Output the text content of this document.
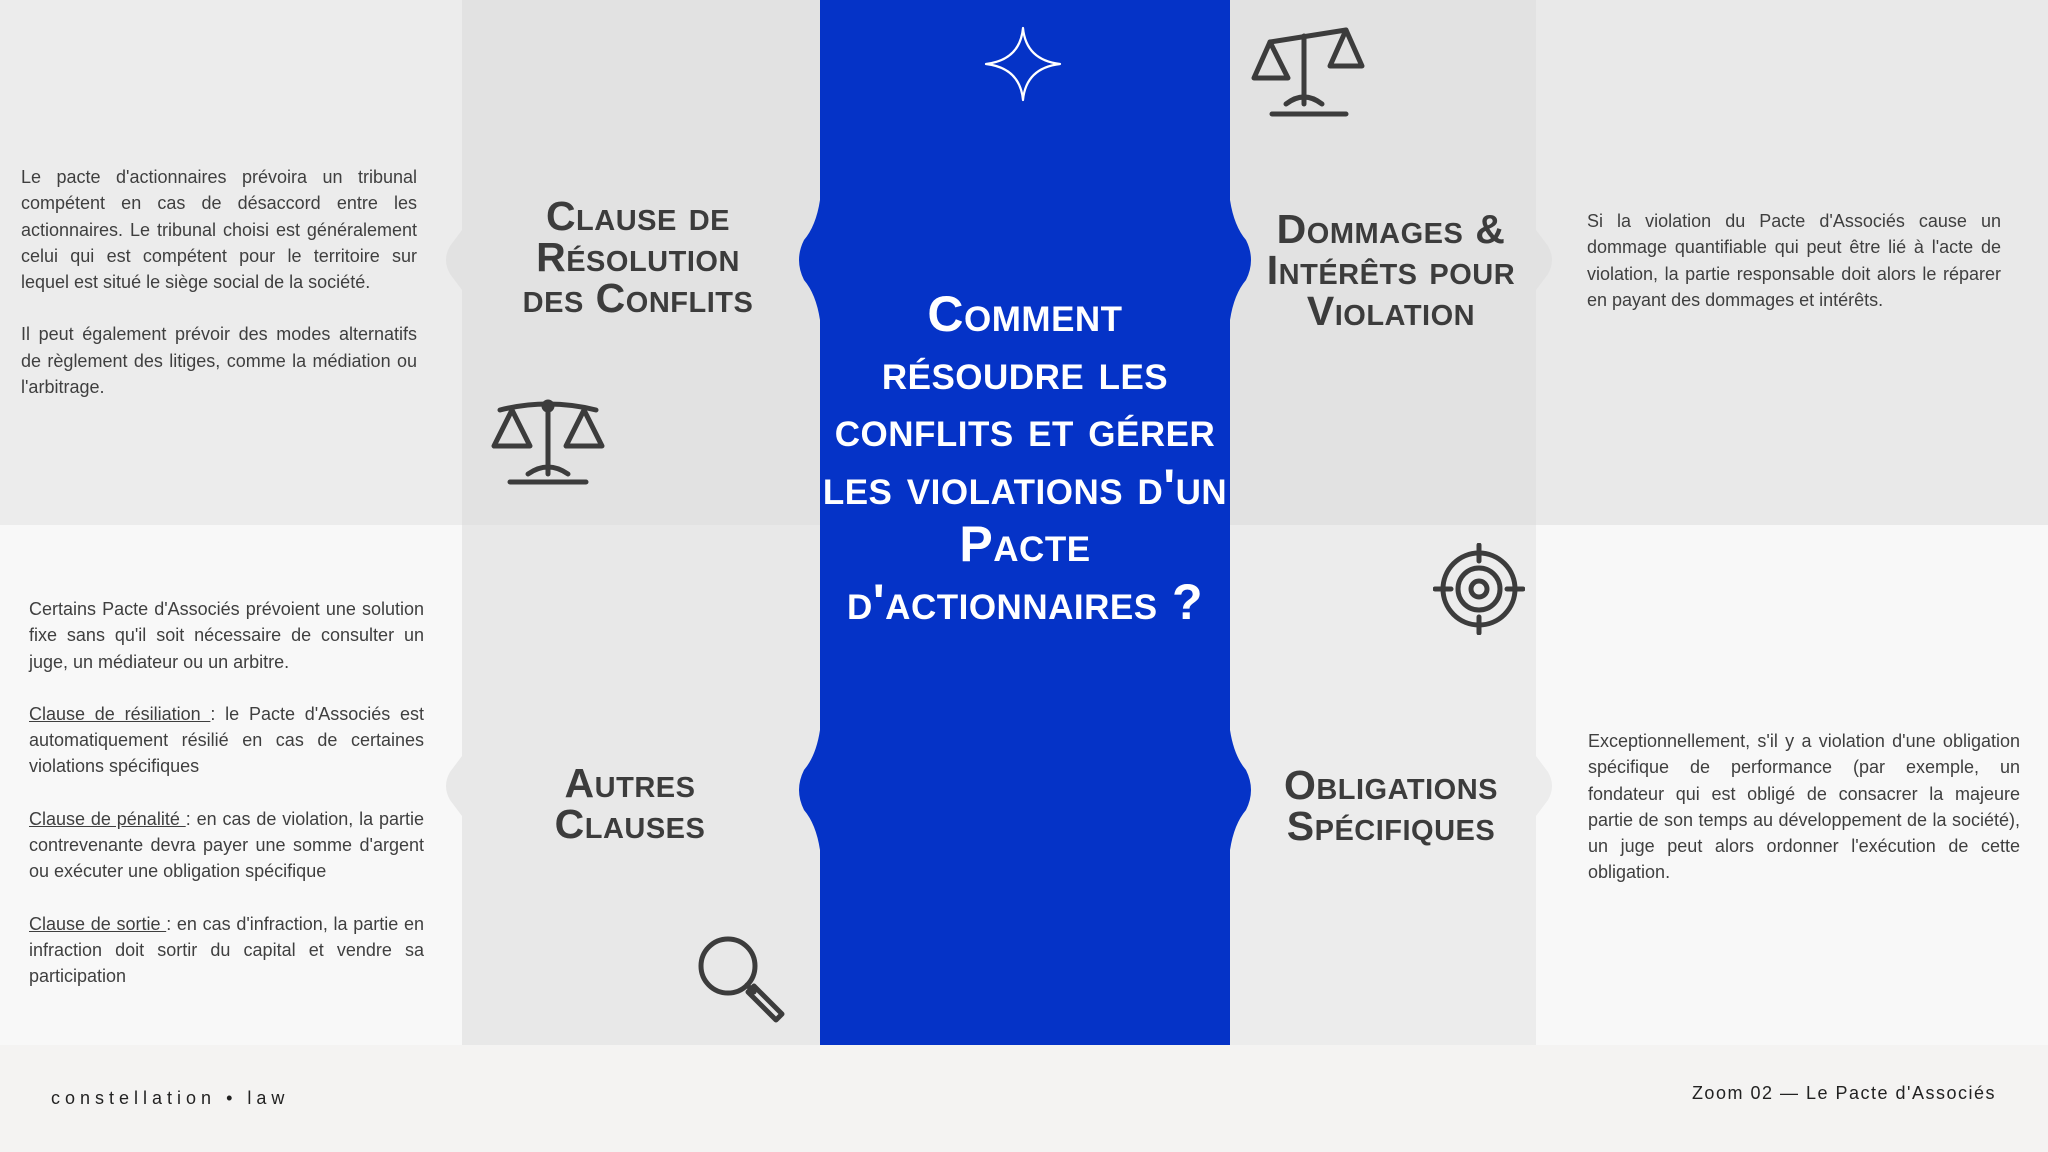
Comment résoudre les conflits et gérer les violations d'un Pacte d'actionnaires ?
Clause de Résolution des Conflits
Autres Clauses
Dommages & Intérêts pour Violation
Obligations Spécifiques

Le pacte d'actionnaires prévoira un tribunal compétent en cas de désaccord entre les actionnaires. Le tribunal choisi est généralement celui qui est compétent pour le territoire sur lequel est situé le siège social de la société.

Il peut également prévoir des modes alternatifs de règlement des litiges, comme la médiation ou l'arbitrage.

Si la violation du Pacte d'Associés cause un dommage quantifiable qui peut être lié à l'acte de violation, la partie responsable doit alors le réparer en payant des dommages et intérêts.

Certains Pacte d'Associés prévoient une solution fixe sans qu'il soit nécessaire de consulter un juge, un médiateur ou un arbitre.

Clause de résiliation : le Pacte d'Associés est automatiquement résilié en cas de certaines violations spécifiques

Clause de pénalité : en cas de violation, la partie contrevenante devra payer une somme d'argent ou exécuter une obligation spécifique

Clause de sortie : en cas d'infraction, la partie en infraction doit sortir du capital et vendre sa participation

Exceptionnellement, s'il y a violation d'une obligation spécifique de performance (par exemple, un fondateur qui est obligé de consacrer la majeure partie de son temps au développement de la société), un juge peut alors ordonner l'exécution de cette obligation.

constellation • law	Zoom 02 — Le Pacte d'Associés
